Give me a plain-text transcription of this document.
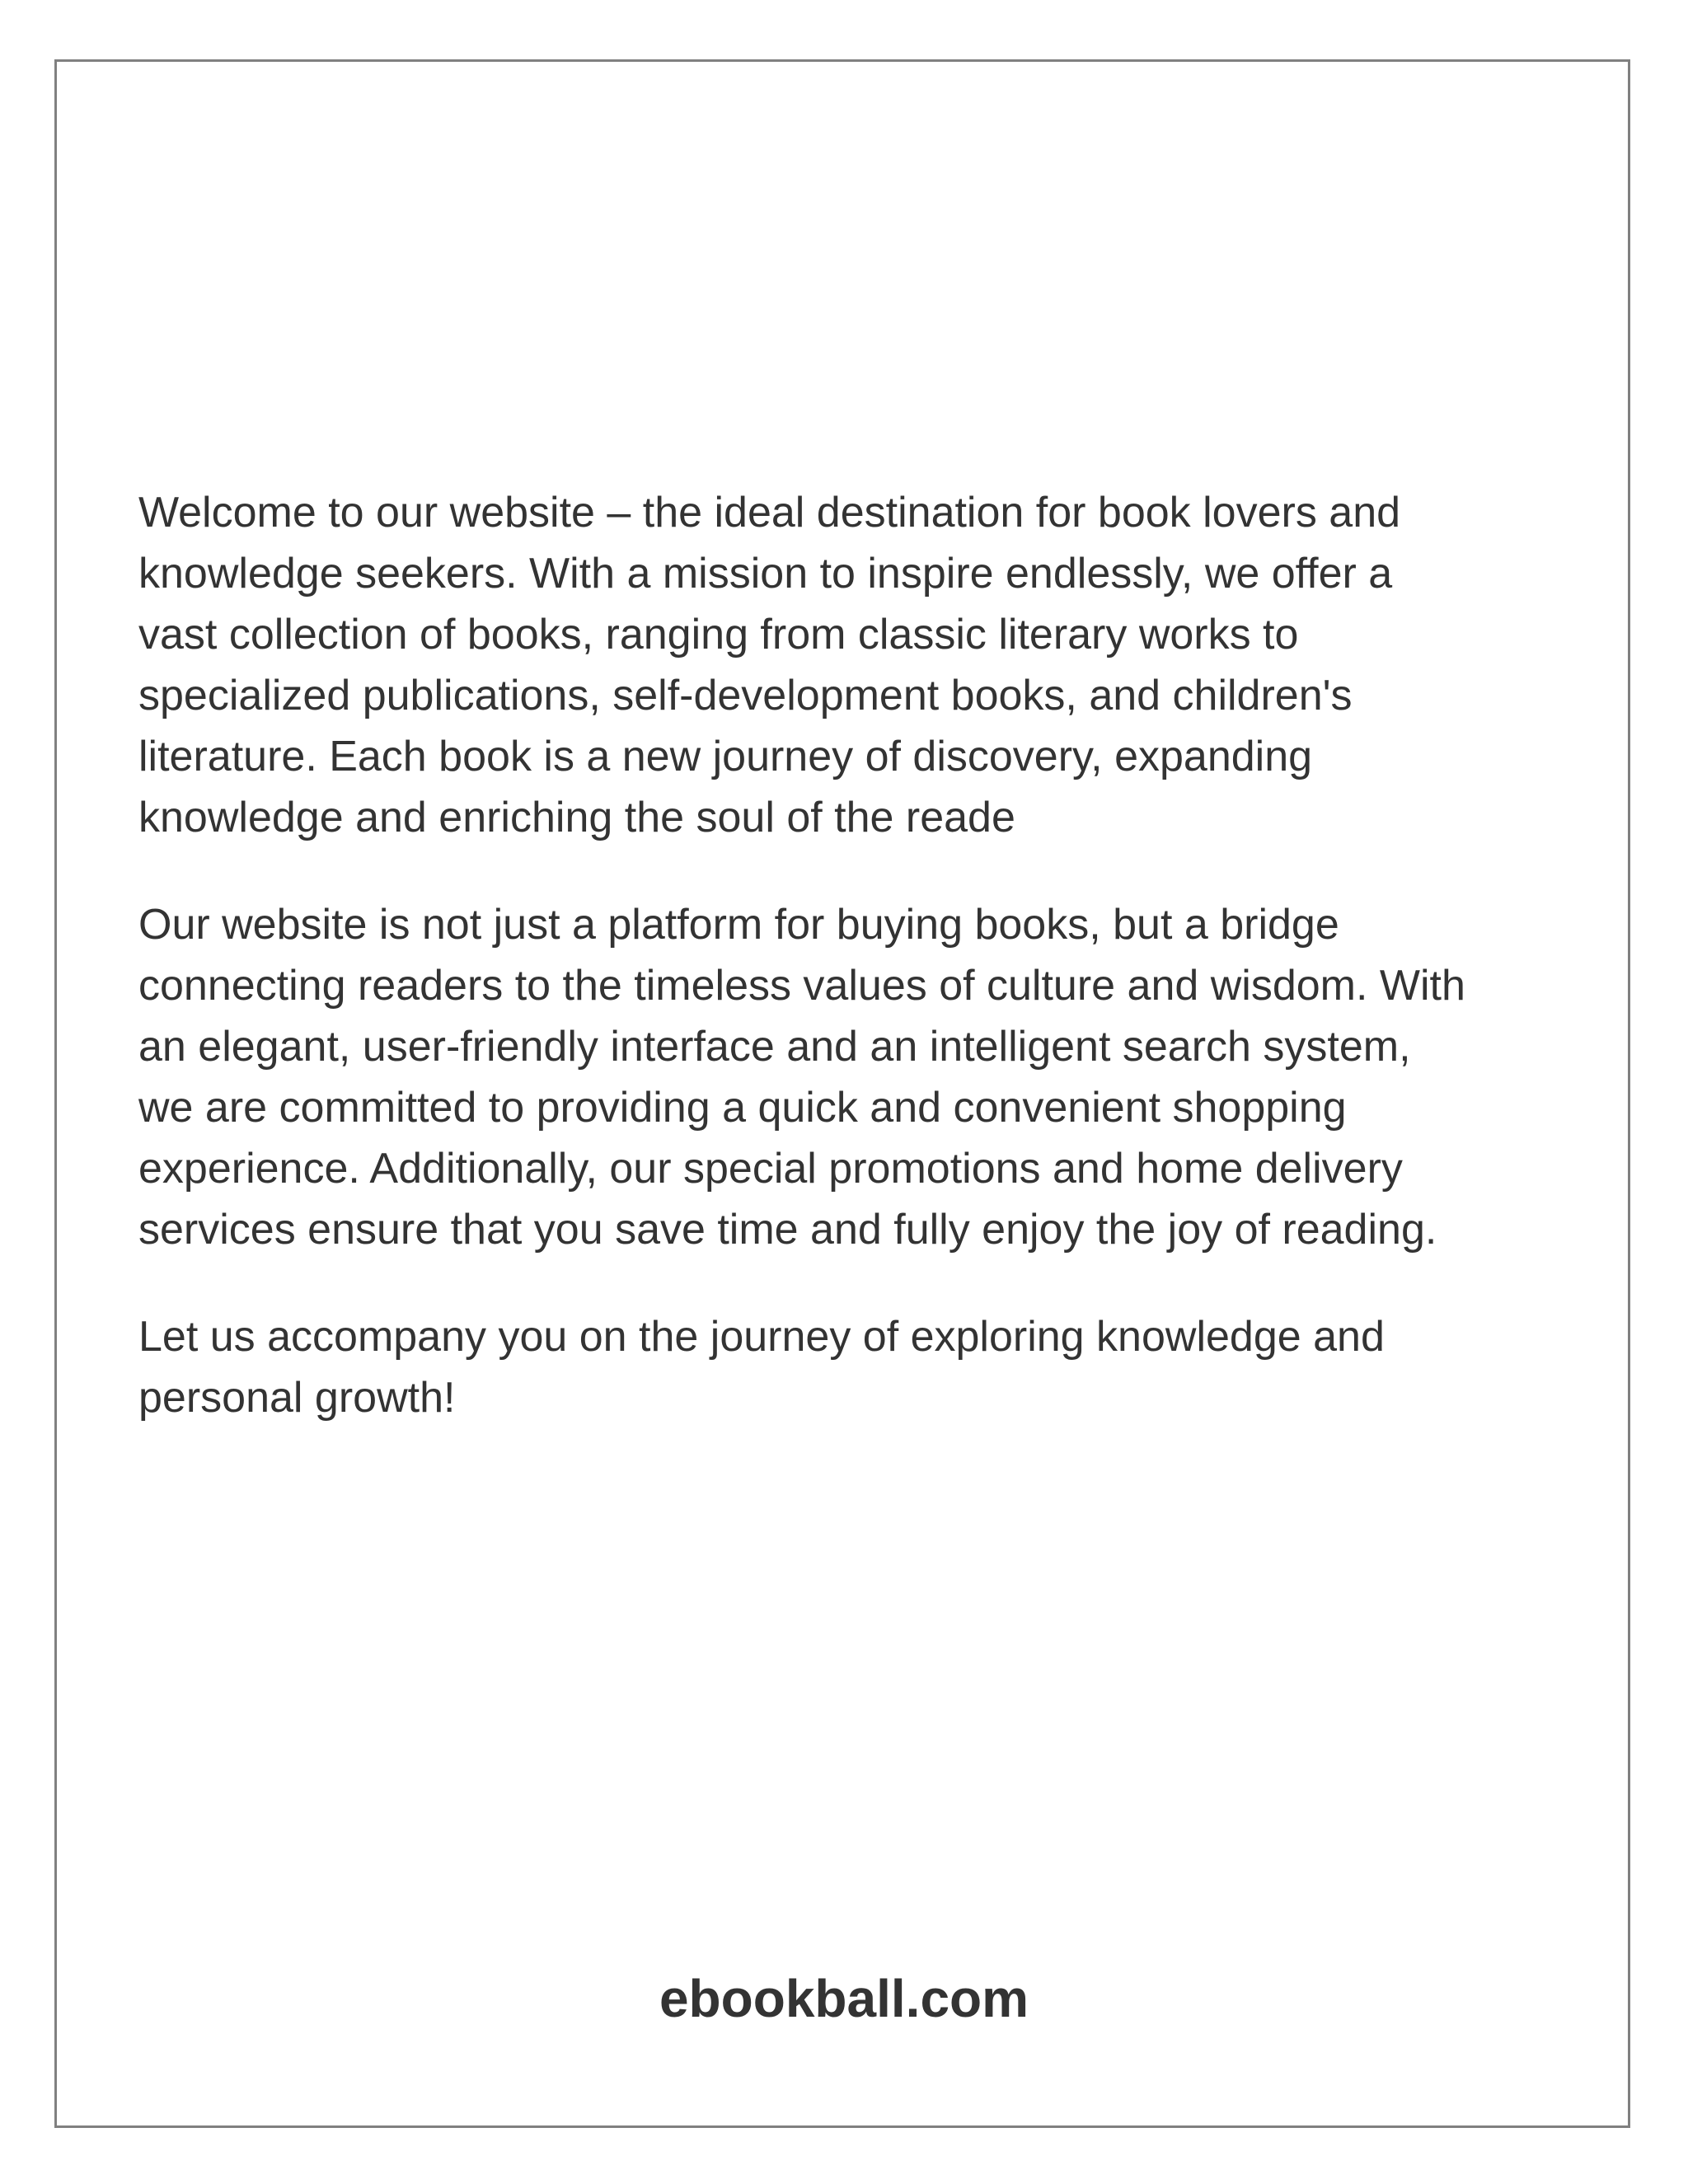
Welcome to our website – the ideal destination for book lovers and
knowledge seekers. With a mission to inspire endlessly, we offer a
vast collection of books, ranging from classic literary works to
specialized publications, self-development books, and children's
literature. Each book is a new journey of discovery, expanding
knowledge and enriching the soul of the reade

Our website is not just a platform for buying books, but a bridge
connecting readers to the timeless values of culture and wisdom. With
an elegant, user-friendly interface and an intelligent search system,
we are committed to providing a quick and convenient shopping
experience. Additionally, our special promotions and home delivery
services ensure that you save time and fully enjoy the joy of reading.

Let us accompany you on the journey of exploring knowledge and
personal growth!

ebookball.com
